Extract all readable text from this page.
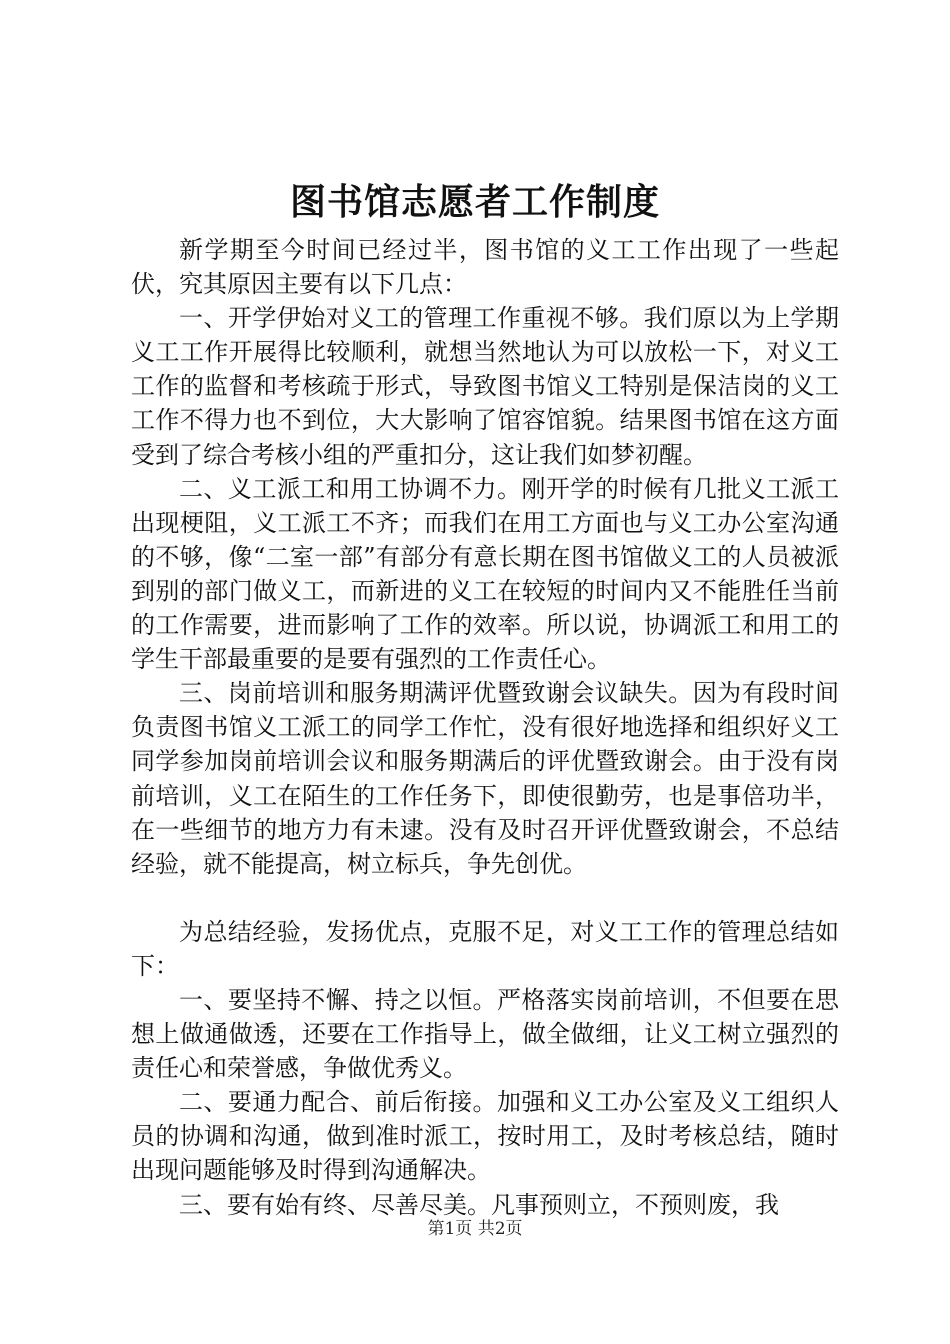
图书馆志愿者工作制度

新学期至今时间已经过半，图书馆的义工工作出现了一些起伏，究其原因主要有以下几点：

一、开学伊始对义工的管理工作重视不够。我们原以为上学期义工工作开展得比较顺利，就想当然地认为可以放松一下，对义工工作的监督和考核疏于形式，导致图书馆义工特别是保洁岗的义工工作不得力也不到位，大大影响了馆容馆貌。结果图书馆在这方面受到了综合考核小组的严重扣分，这让我们如梦初醒。

二、义工派工和用工协调不力。刚开学的时候有几批义工派工出现梗阻，义工派工不齐；而我们在用工方面也与义工办公室沟通的不够，像“二室一部”有部分有意长期在图书馆做义工的人员被派到别的部门做义工，而新进的义工在较短的时间内又不能胜任当前的工作需要，进而影响了工作的效率。所以说，协调派工和用工的学生干部最重要的是要有强烈的工作责任心。

三、岗前培训和服务期满评优暨致谢会议缺失。因为有段时间负责图书馆义工派工的同学工作忙，没有很好地选择和组织好义工同学参加岗前培训会议和服务期满后的评优暨致谢会。由于没有岗前培训，义工在陌生的工作任务下，即使很勤劳，也是事倍功半，在一些细节的地方力有未逮。没有及时召开评优暨致谢会，不总结经验，就不能提高，树立标兵，争先创优。

为总结经验，发扬优点，克服不足，对义工工作的管理总结如下：

一、要坚持不懈、持之以恒。严格落实岗前培训，不但要在思想上做通做透，还要在工作指导上，做全做细，让义工树立强烈的责任心和荣誉感，争做优秀义。

二、要通力配合、前后衔接。加强和义工办公室及义工组织人员的协调和沟通，做到准时派工，按时用工，及时考核总结，随时出现问题能够及时得到沟通解决。

三、要有始有终、尽善尽美。凡事预则立，不预则废，我

第1页 共2页
